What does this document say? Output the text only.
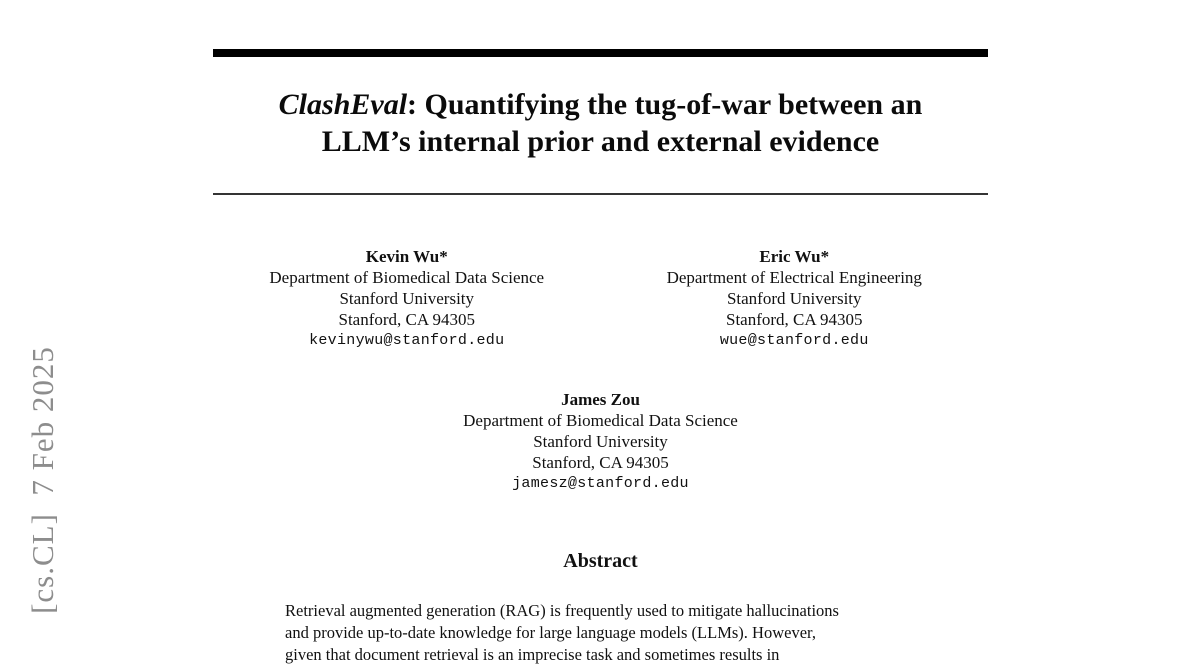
[cs.CL]  7 Feb 2025
ClashEval: Quantifying the tug-of-war between an
LLM’s internal prior and external evidence
Kevin Wu*
Department of Biomedical Data Science
Stanford University
Stanford, CA 94305
kevinywu@stanford.edu
Eric Wu*
Department of Electrical Engineering
Stanford University
Stanford, CA 94305
wue@stanford.edu
James Zou
Department of Biomedical Data Science
Stanford University
Stanford, CA 94305
jamesz@stanford.edu
Abstract
Retrieval augmented generation (RAG) is frequently used to mitigate hallucinations
and provide up-to-date knowledge for large language models (LLMs). However,
given that document retrieval is an imprecise task and sometimes results in
